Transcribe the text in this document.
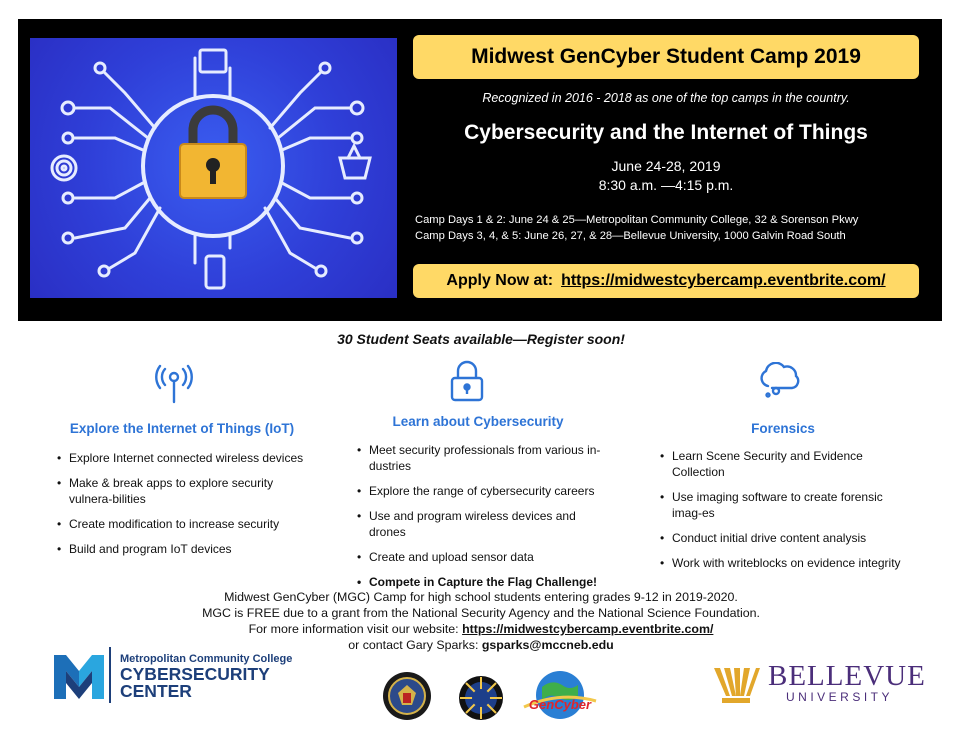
Midwest GenCyber Student Camp 2019
Recognized in 2016 - 2018 as one of the top camps in the country.
Cybersecurity and the Internet of Things
June 24-28, 2019
8:30 a.m. —4:15 p.m.
Camp Days 1 & 2: June 24 & 25—Metropolitan Community College, 32 & Sorenson Pkwy
Camp Days 3, 4, & 5: June 26, 27, & 28—Bellevue University, 1000 Galvin Road South
Apply Now at: https://midwestcybercamp.eventbrite.com/
30 Student Seats available—Register soon!
Explore the Internet of Things (IoT)
• Explore Internet connected wireless devices
• Make & break apps to explore security vulnera-bilities
• Create modification to increase security
• Build and program IoT devices
Learn about Cybersecurity
• Meet security professionals from various in-dustries
• Explore the range of cybersecurity careers
• Use and program wireless devices and drones
• Create and upload sensor data
• Compete in Capture the Flag Challenge!
Forensics
• Learn Scene Security and Evidence Collection
• Use imaging software to create forensic imag-es
• Conduct initial drive content analysis
• Work with writeblocks on evidence integrity
Midwest GenCyber (MGC) Camp for high school students entering grades 9-12 in 2019-2020.
MGC is FREE due to a grant from the National Security Agency and the National Science Foundation.
For more information visit our website: https://midwestcybercamp.eventbrite.com/
or contact Gary Sparks: gsparks@mccneb.edu
Metropolitan Community College
CYBERSECURITY
CENTER
GenCyber
BELLEVUE
UNIVERSITY
